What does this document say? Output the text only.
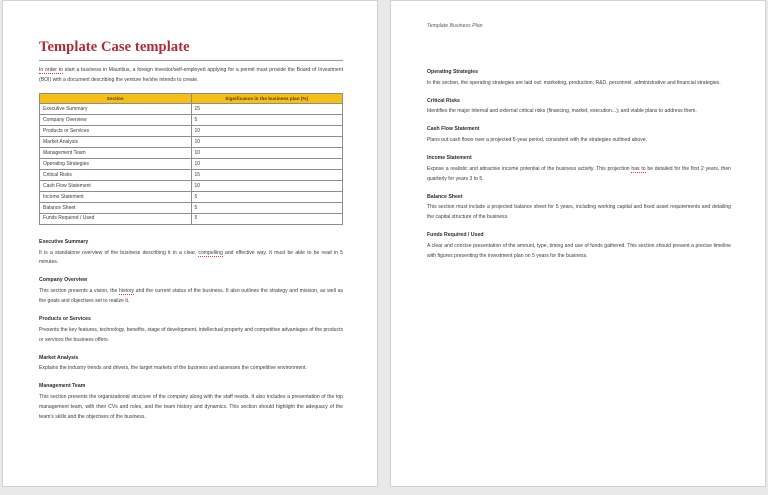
Template Case template

In order to start a business in Mauritius, a foreign investor/self-employed applying for a permit must provide the Board of Investment (BOI) with a document describing the venture he/she intends to create.

Section	Significance in the business plan (%)
Executive Summary	15
Company Overview	5
Products or Services	10
Market Analysis	10
Management Team	10
Operating Strategies	10
Critical Risks	15
Cash Flow Statement	10
Income Statement	5
Balance Sheet	5
Funds Required / Used	5
Executive Summary

It is a standalone overview of the business describing it in a clear, compelling and effective way. It must be able to be read in 5 minutes.

Company Overview

This section presents a vision, the history and the current status of the business. It also outlines the strategy and mission, as well as the goals and objectives set to realize it.

Products or Services

Presents the key features, technology, benefits, stage of development, intellectual property and competitive advantages of the products or services the business offers.

Market Analysis

Explains the industry trends and drivers, the target markets of the business and assesses the competitive environment.

Management Team

This section presents the organizational structure of the company along with the staff needs. It also includes a presentation of the top management team, with their CVs and roles, and the team history and dynamics. This section should highlight the adequacy of the team's skills and the objectives of the business.

Template Business Plan
Operating Strategies

In this section, the operating strategies are laid out: marketing, production, R&D, personnel, administrative and financial strategies.

Critical Risks

Identifies the major internal and external critical risks (financing, market, execution...); and viable plans to address them.

Cash Flow Statement

Plans out cash flows over a projected 5-year period, consistent with the strategies outlined above.

Income Statement

Expose a realistic and attractive income potential of the business activity. This projection has to be detailed for the first 2 years, then quarterly for years 3 to 5.

Balance Sheet

This section must include a projected balance sheet for 5 years, including working capital and fixed asset requirements and detailing the capital structure of the business.

Funds Required / Used

A clear and concise presentation of the amount, type, timing and use of funds gathered. This section should present a precise timeline with figures presenting the investment plan on 5 years for the business.
